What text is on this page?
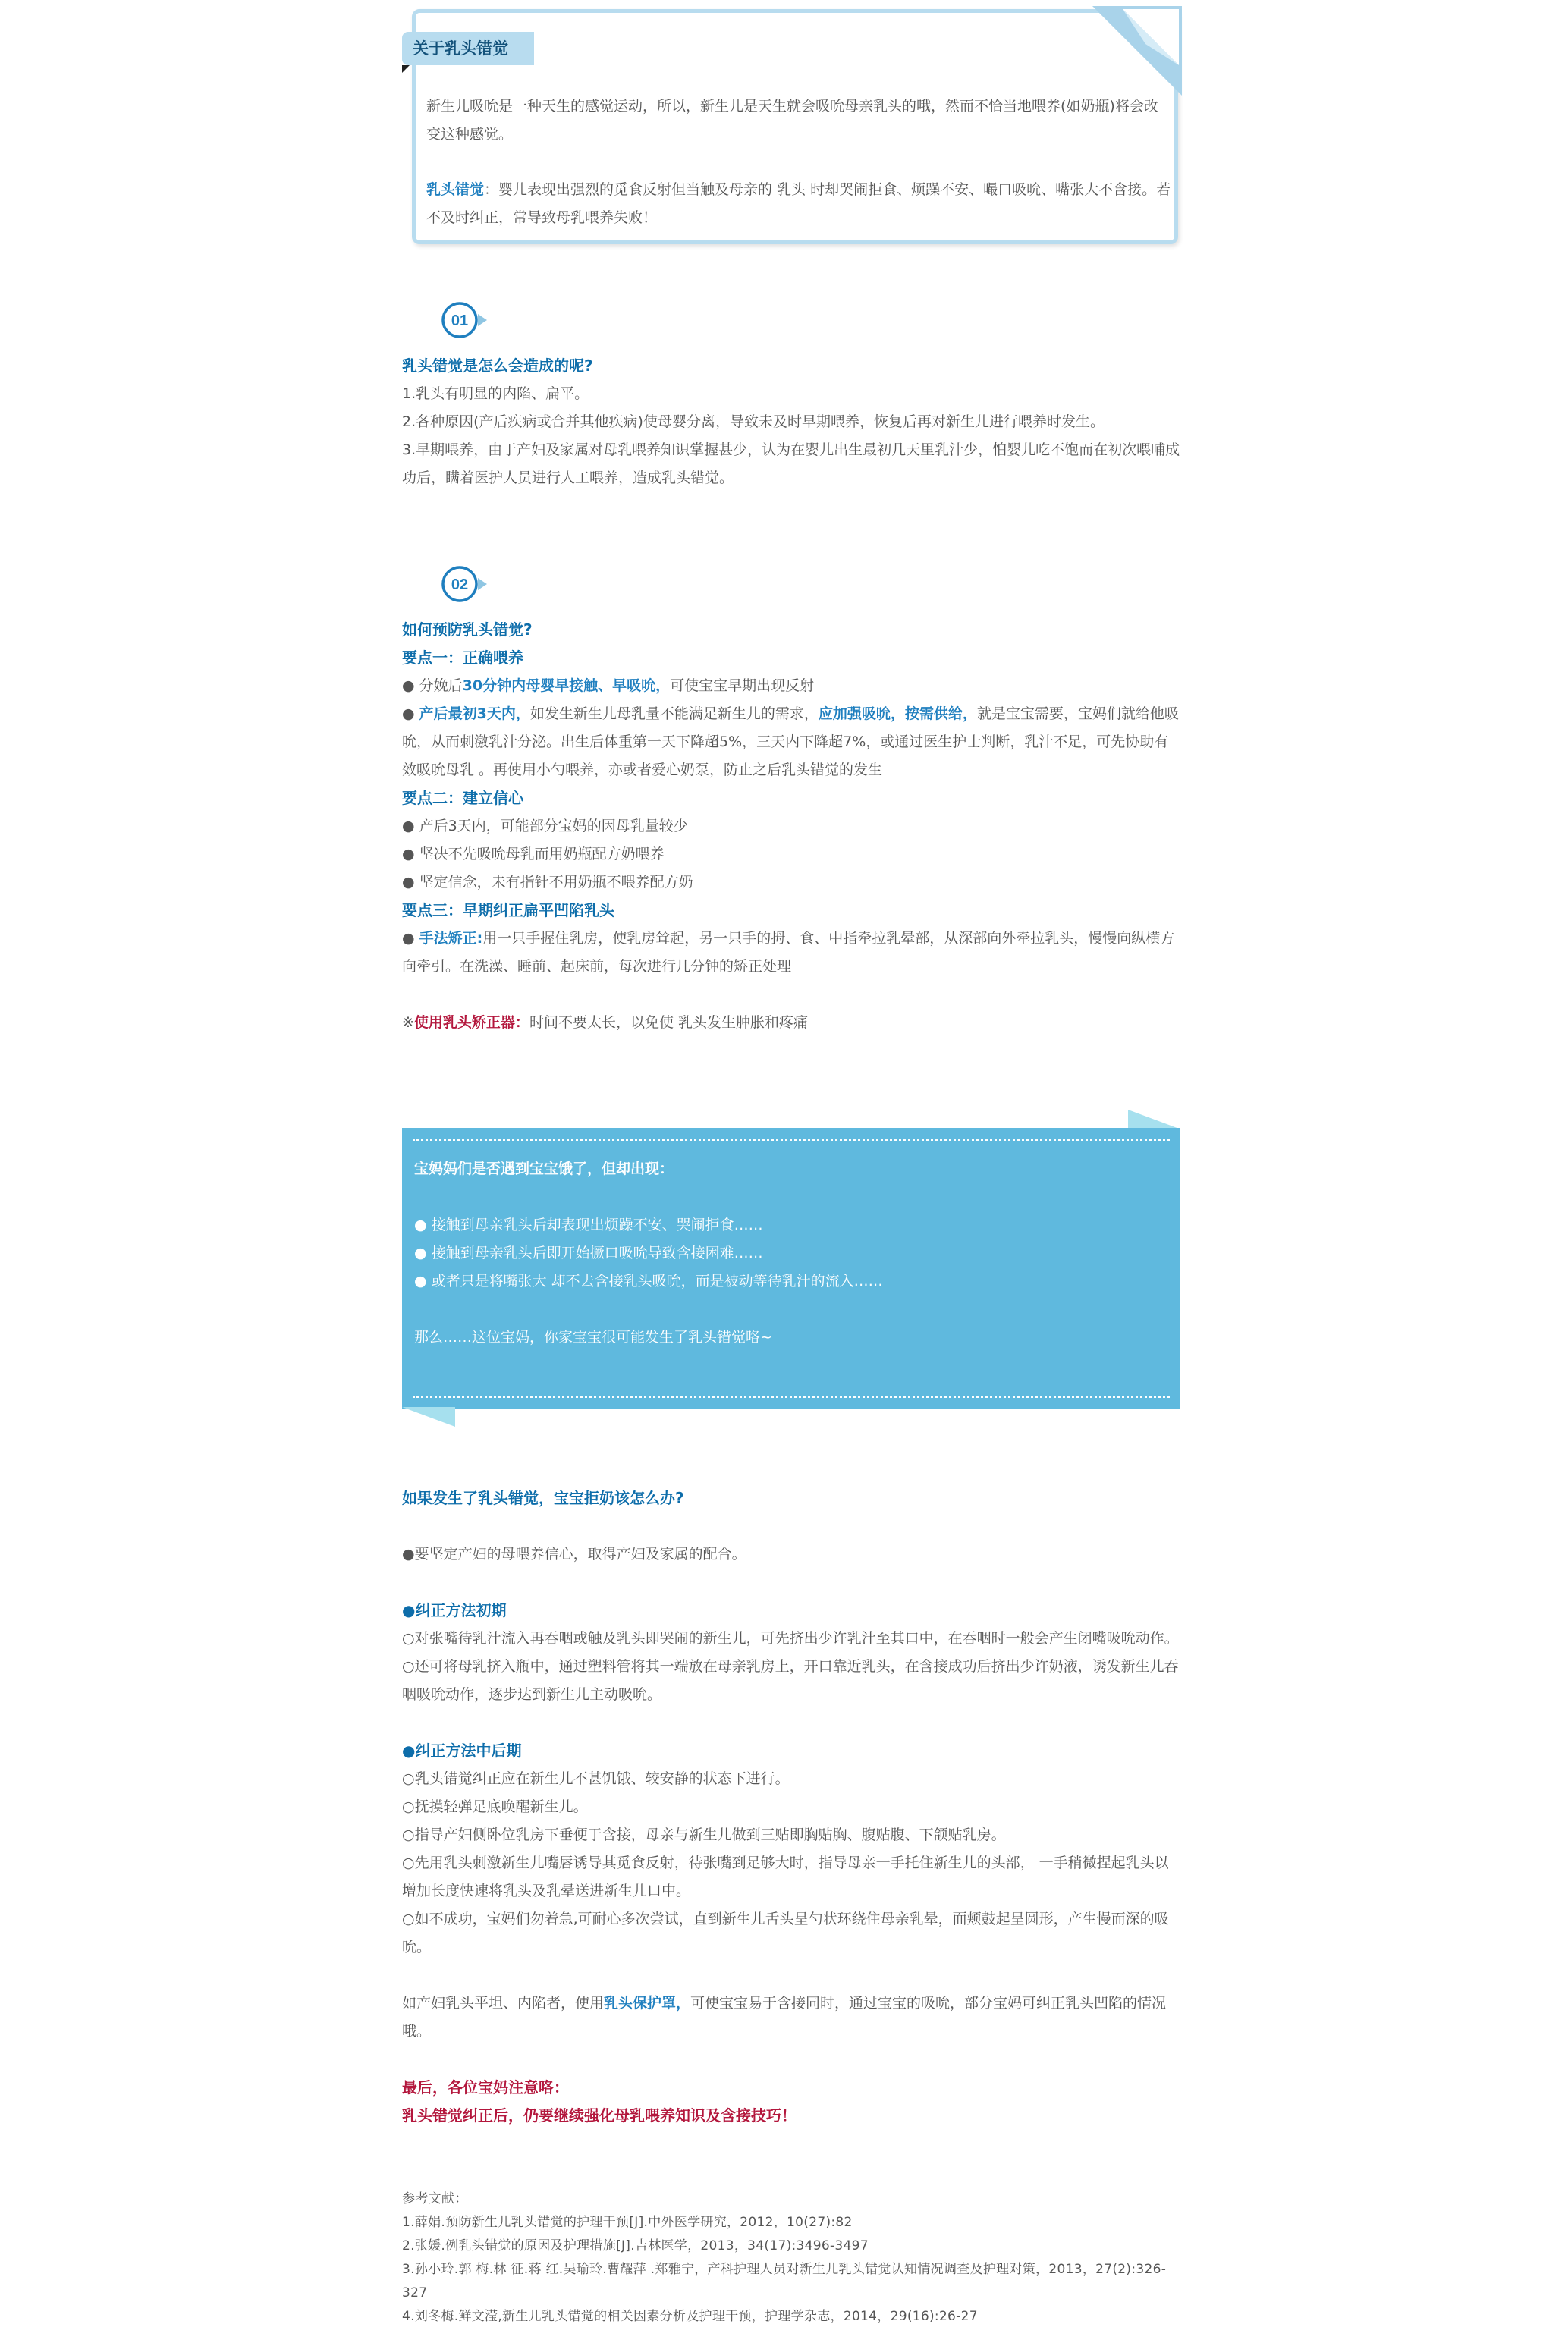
关于乳头错觉

新生儿吸吮是一种天生的感觉运动，所以，新生儿是天生就会吸吮母亲乳头的哦，然而不恰当地喂养(如奶瓶)将会改变这种感觉。

乳头错觉：婴儿表现出强烈的觅食反射但当触及母亲的 乳头 时却哭闹拒食、烦躁不安、嘬口吸吮、嘴张大不含接。若 不及时纠正，常导致母乳喂养失败！

01

乳头错觉是怎么会造成的呢?

1.乳头有明显的内陷、扁平。

2.各种原因(产后疾病或合并其他疾病)使母婴分离，导致未及时早期喂养，恢复后再对新生儿进行喂养时发生。

3.早期喂养，由于产妇及家属对母乳喂养知识掌握甚少，认为在婴儿出生最初几天里乳汁少，怕婴儿吃不饱而在初次喂哺成功后，瞒着医护人员进行人工喂养，造成乳头错觉。

02

如何预防乳头错觉?

要点一：正确喂养

● 分娩后30分钟内母婴早接触、早吸吮，可使宝宝早期出现反射

● 产后最初3天内，如发生新生儿母乳量不能满足新生儿的需求，应加强吸吮，按需供给，就是宝宝需要，宝妈们就给他吸吮，从而刺激乳汁分泌。出生后体重第一天下降超5%，三天内下降超7%，或通过医生护士判断，乳汁不足，可先协助有效吸吮母乳 。再使用小勺喂养，亦或者爱心奶泵，防止之后乳头错觉的发生

要点二：建立信心

● 产后3天内，可能部分宝妈的因母乳量较少

● 坚决不先吸吮母乳而用奶瓶配方奶喂养

● 坚定信念，未有指针不用奶瓶不喂养配方奶

要点三：早期纠正扁平凹陷乳头

● 手法矫正:用一只手握住乳房，使乳房耸起，另一只手的拇、食、中指牵拉乳晕部，从深部向外牵拉乳头，慢慢向纵横方向牵引。在洗澡、睡前、起床前，每次进行几分钟的矫正处理

※使用乳头矫正器：时间不要太长，以免使 乳头发生肿胀和疼痛

宝妈妈们是否遇到宝宝饿了，但却出现：

● 接触到母亲乳头后却表现出烦躁不安、哭闹拒食……

● 接触到母亲乳头后即开始撅口吸吮导致含接困难……

● 或者只是将嘴张大 却不去含接乳头吸吮，而是被动等待乳汁的流入……

那么……这位宝妈，你家宝宝很可能发生了乳头错觉咯~

如果发生了乳头错觉，宝宝拒奶该怎么办?

●要坚定产妇的母喂养信心，取得产妇及家属的配合。

●纠正方法初期

○对张嘴待乳汁流入再吞咽或触及乳头即哭闹的新生儿，可先挤出少许乳汁至其口中，在吞咽时一般会产生闭嘴吸吮动作。

○还可将母乳挤入瓶中，通过塑料管将其一端放在母亲乳房上，开口靠近乳头，在含接成功后挤出少许奶液，诱发新生儿吞咽吸吮动作，逐步达到新生儿主动吸吮。

●纠正方法中后期

○乳头错觉纠正应在新生儿不甚饥饿、较安静的状态下进行。

○抚摸轻弹足底唤醒新生儿。

○指导产妇侧卧位乳房下垂便于含接，母亲与新生儿做到三贴即胸贴胸、腹贴腹、下颌贴乳房。

○先用乳头刺激新生儿嘴唇诱导其觅食反射，待张嘴到足够大时，指导母亲一手托住新生儿的头部， 一手稍微捏起乳头以增加长度快速将乳头及乳晕送进新生儿口中。

○如不成功，宝妈们勿着急,可耐心多次尝试，直到新生儿舌头呈勺状环绕住母亲乳晕，面颊鼓起呈圆形，产生慢而深的吸吮。

如产妇乳头平坦、内陷者，使用乳头保护罩，可使宝宝易于含接同时，通过宝宝的吸吮，部分宝妈可纠正乳头凹陷的情况哦。

最后，各位宝妈注意咯：

乳头错觉纠正后，仍要继续强化母乳喂养知识及含接技巧！

参考文献：

1.薛娟.预防新生儿乳头错觉的护理干预[J].中外医学研究，2012，10(27):82

2.张媛.例乳头错觉的原因及护理措施[J].吉林医学，2013，34(17):3496-3497

3.孙小玲.郭 梅.林 征.蒋 红.吴瑜玲.曹耀萍 .郑雅宁，产科护理人员对新生儿乳头错觉认知情况调查及护理对策，2013，27(2):326-327

4.刘冬梅.鲜文滢,新生儿乳头错觉的相关因素分析及护理干预，护理学杂志，2014，29(16):26-27
